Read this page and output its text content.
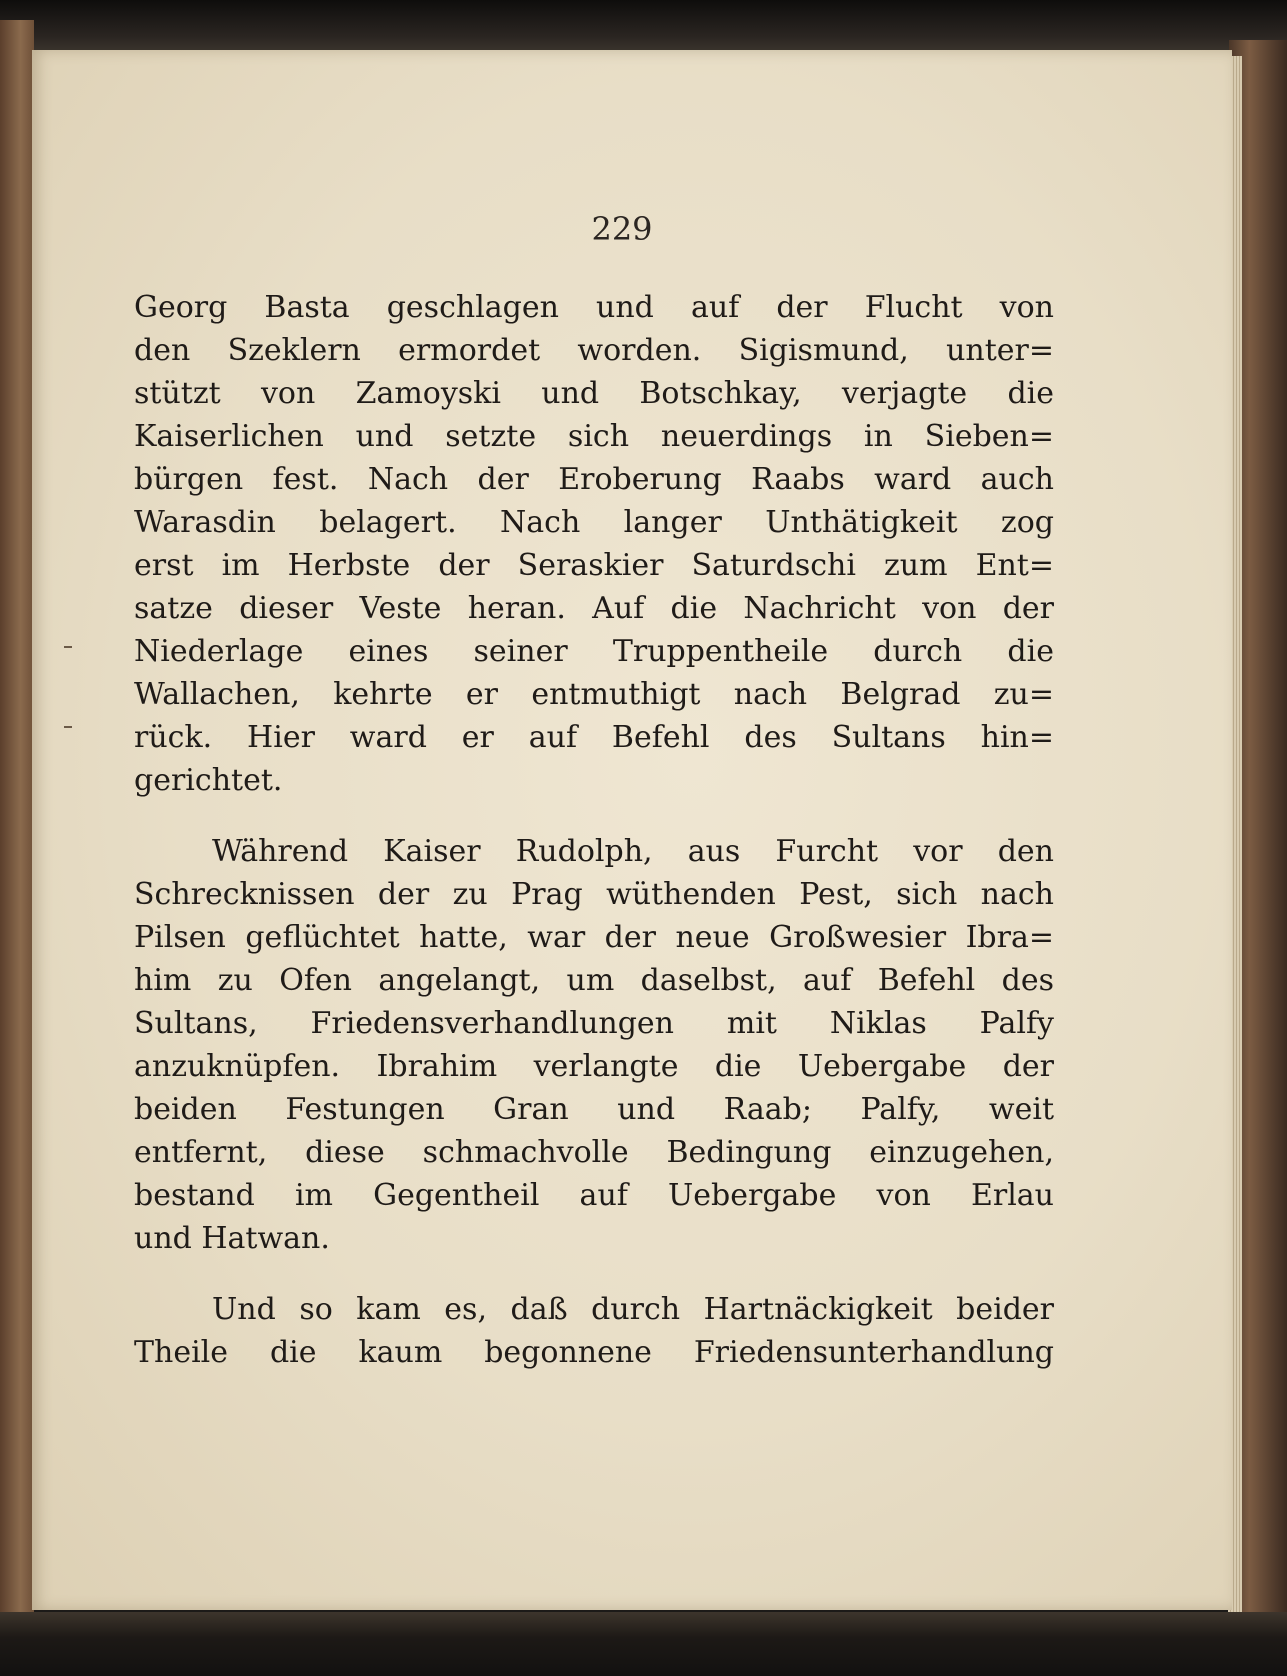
229

Georg Basta geschlagen und auf der Flucht von
den Szeklern ermordet worden. Sigismund, unter=
stützt von Zamoyski und Botschkay, verjagte die
Kaiserlichen und setzte sich neuerdings in Sieben=
bürgen fest. Nach der Eroberung Raabs ward auch
Warasdin belagert. Nach langer Unthätigkeit zog
erst im Herbste der Seraskier Saturdschi zum Ent=
satze dieser Veste heran. Auf die Nachricht von der
Niederlage eines seiner Truppentheile durch die
Wallachen, kehrte er entmuthigt nach Belgrad zu=
rück. Hier ward er auf Befehl des Sultans hin=
gerichtet.

Während Kaiser Rudolph, aus Furcht vor den
Schrecknissen der zu Prag wüthenden Pest, sich nach
Pilsen geflüchtet hatte, war der neue Großwesier Ibra=
him zu Ofen angelangt, um daselbst, auf Befehl des
Sultans, Friedensverhandlungen mit Niklas Palfy
anzuknüpfen. Ibrahim verlangte die Uebergabe der
beiden Festungen Gran und Raab; Palfy, weit
entfernt, diese schmachvolle Bedingung einzugehen,
bestand im Gegentheil auf Uebergabe von Erlau
und Hatwan.

Und so kam es, daß durch Hartnäckigkeit beider
Theile die kaum begonnene Friedensunterhandlung
